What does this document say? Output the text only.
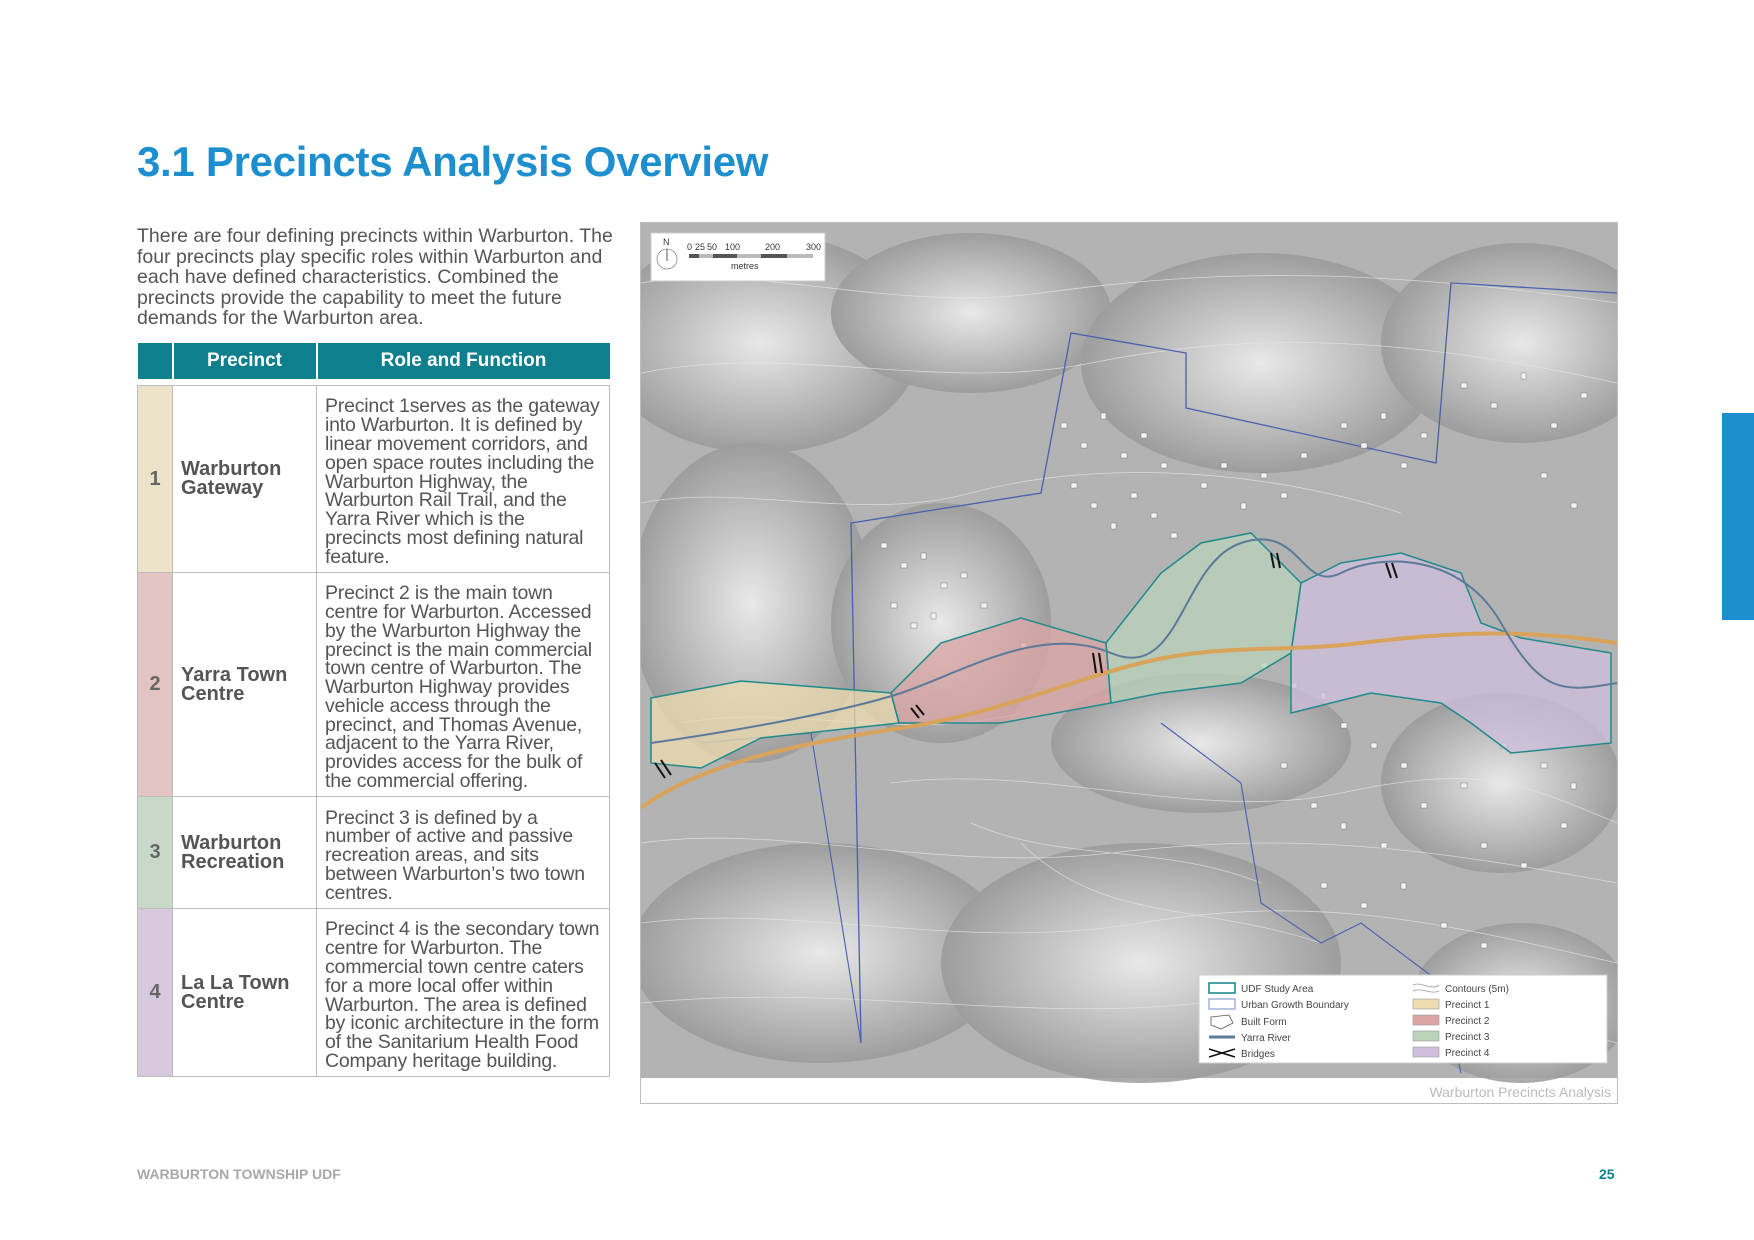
3.1 Precincts Analysis Overview

There are four defining precincts within Warburton. The four precincts play specific roles within Warburton and each have defined characteristics. Combined the precincts provide the capability to meet the future demands for the Warburton area.

	Precinct	Role and Function

1	Warburton Gateway	Precinct 1serves as the gateway into Warburton. It is defined by linear movement corridors, and open space routes including the Warburton Highway, the Warburton Rail Trail, and the Yarra River which is the precincts most defining natural feature.
2	Yarra Town Centre	Precinct 2 is the main town centre for Warburton. Accessed by the Warburton Highway the precinct is the main commercial town centre of Warburton. The Warburton Highway provides vehicle access through the precinct, and Thomas Avenue, adjacent to the Yarra River, provides access for the bulk of the commercial offering.
3	Warburton Recreation	Precinct 3 is defined by a number of active and passive recreation areas, and sits between Warburton’s two town centres.
4	La La Town Centre	Precinct 4 is the secondary town centre for Warburton. The commercial town centre caters for a more local offer within Warburton. The area is defined by iconic architecture in the form of the Sanitarium Health Food Company heritage building.
N 0 25 50 100	200	300
metres
UDF Study Area
Urban Growth Boundary
Built Form
Yarra River
Bridges
Contours (5m)
Precinct 1
Precinct 2
Precinct 3
Precinct 4
Warburton Precincts Analysis
WARBURTON TOWNSHIP UDF	25
